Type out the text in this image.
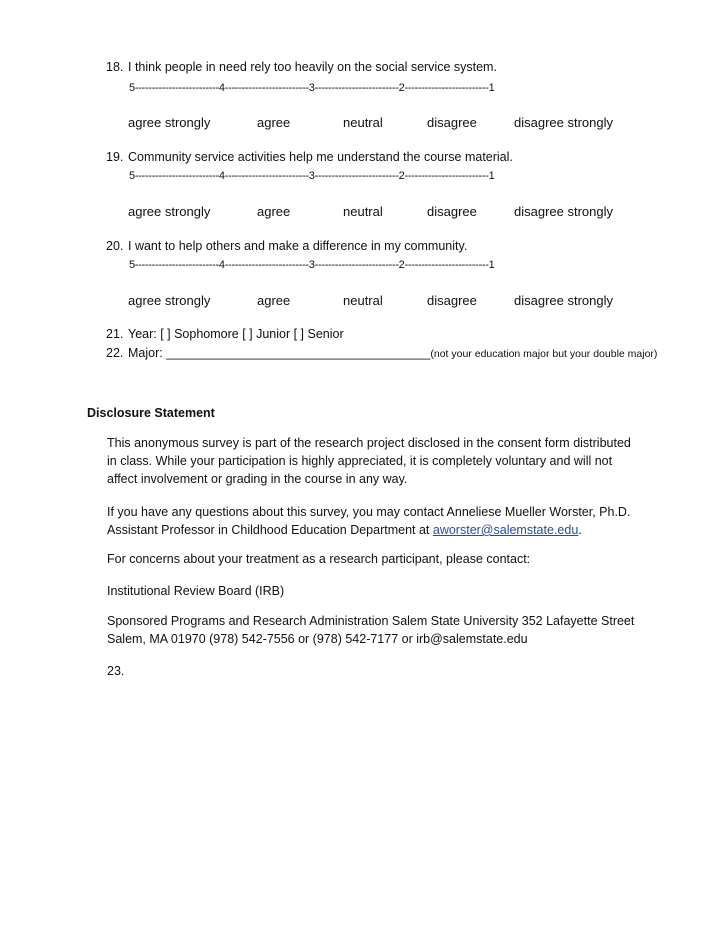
18. I think people in need rely too heavily on the social service system.
5-------------------------4-------------------------3-------------------------2-------------------------1
agree strongly	agree	neutral	disagree	disagree strongly
19. Community service activities help me understand the course material.
5-------------------------4-------------------------3-------------------------2-------------------------1
agree strongly	agree	neutral	disagree	disagree strongly
20. I want to help others and make a difference in my community.
5-------------------------4-------------------------3-------------------------2-------------------------1
agree strongly	agree	neutral	disagree	disagree strongly
21. Year: [ ] Sophomore [ ] Junior [ ] Senior
22. Major: ______________________________________(not your education major but your double major)
Disclosure Statement
This anonymous survey is part of the research project disclosed in the consent form distributed in class. While your participation is highly appreciated, it is completely voluntary and will not affect involvement or grading in the course in any way.
If you have any questions about this survey, you may contact Anneliese Mueller Worster, Ph.D. Assistant Professor in Childhood Education Department at aworster@salemstate.edu.
For concerns about your treatment as a research participant, please contact:
Institutional Review Board (IRB)
Sponsored Programs and Research Administration Salem State University 352 Lafayette Street Salem, MA 01970 (978) 542-7556 or (978) 542-7177 or irb@salemstate.edu
23.
